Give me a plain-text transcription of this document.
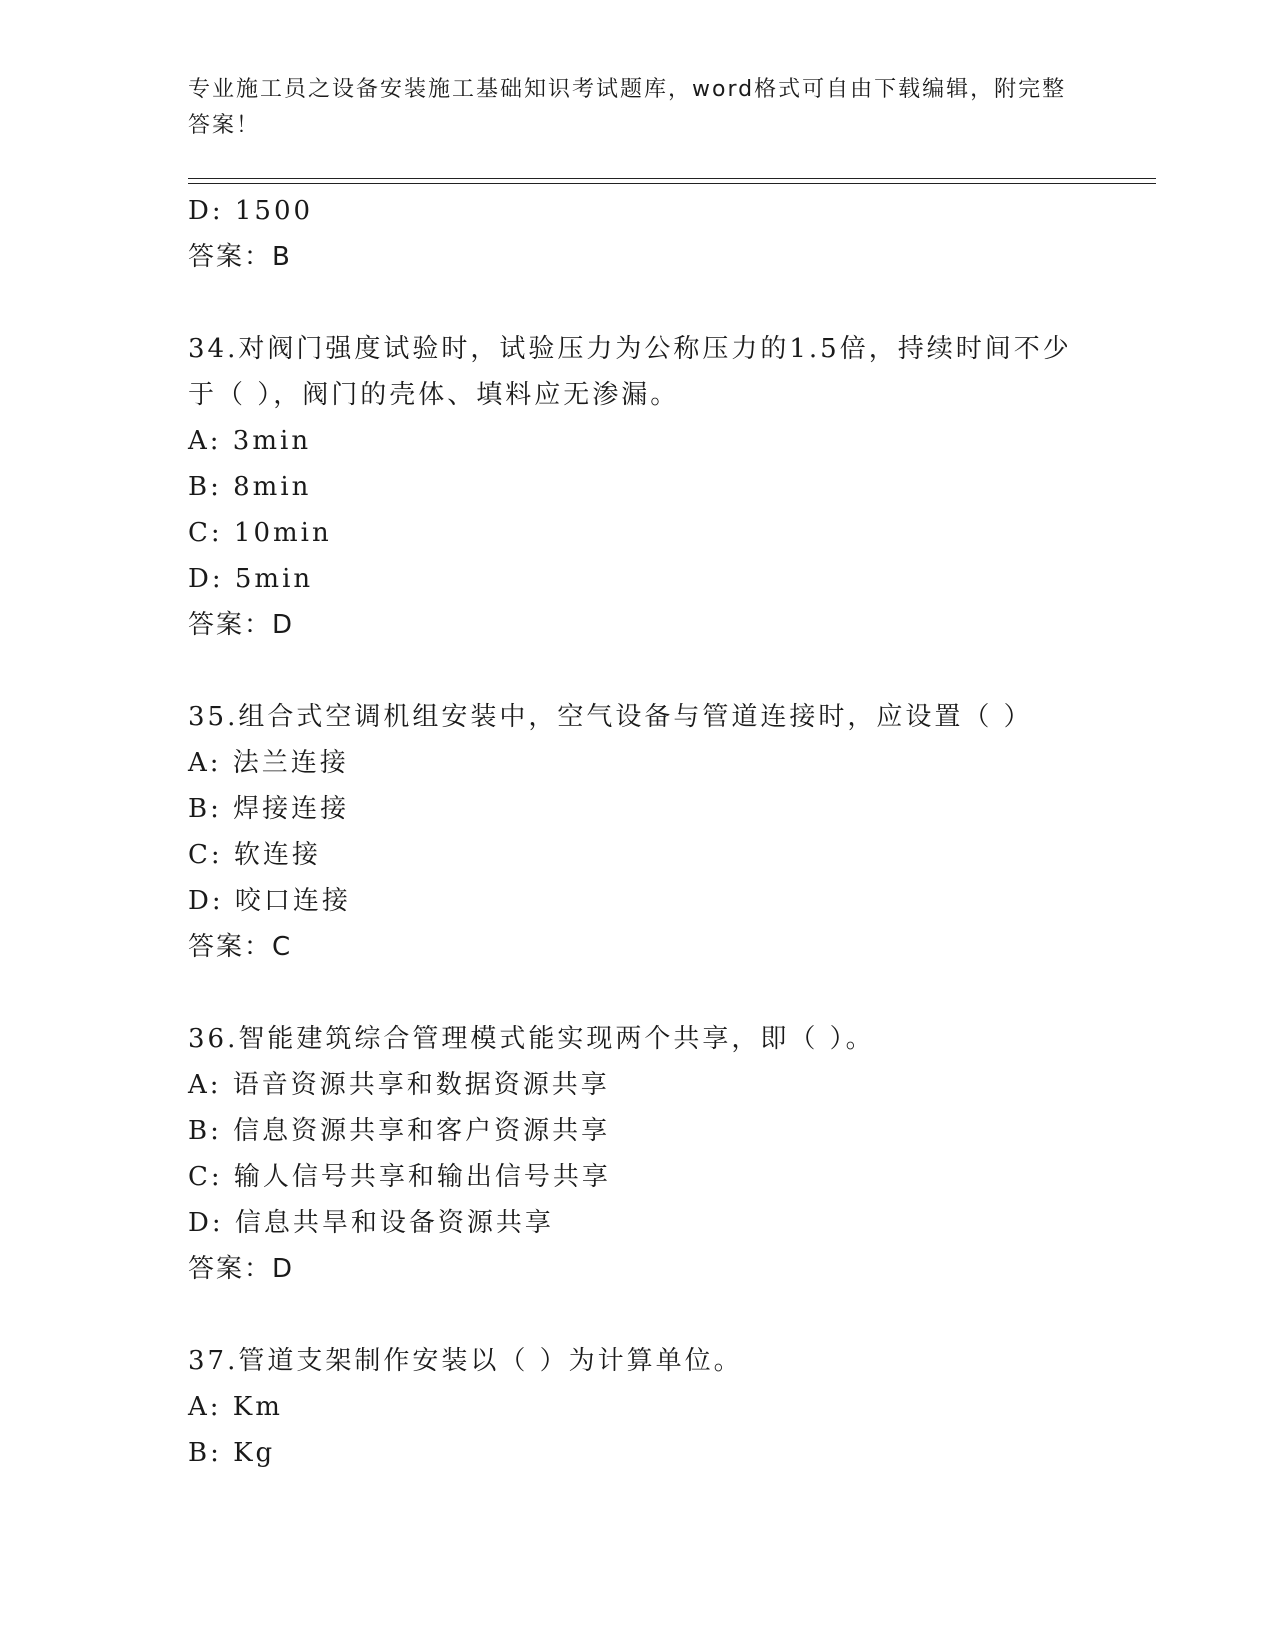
专业施工员之设备安装施工基础知识考试题库，word格式可自由下载编辑，附完整答案！
D: 1500
答案：B
34.对阀门强度试验时，试验压力为公称压力的1.5倍，持续时间不少
于（ ），阀门的壳体、填料应无渗漏。
A: 3min
B: 8min
C: 10min
D: 5min
答案：D
35.组合式空调机组安装中，空气设备与管道连接时，应设置（ ）
A: 法兰连接
B: 焊接连接
C: 软连接
D: 咬口连接
答案：C
36.智能建筑综合管理模式能实现两个共享，即（ ）。
A: 语音资源共享和数据资源共享
B: 信息资源共享和客户资源共享
C: 输人信号共享和输出信号共享
D: 信息共旱和设备资源共享
答案：D
37.管道支架制作安装以（ ）为计算单位。
A: Km
B: Kg
